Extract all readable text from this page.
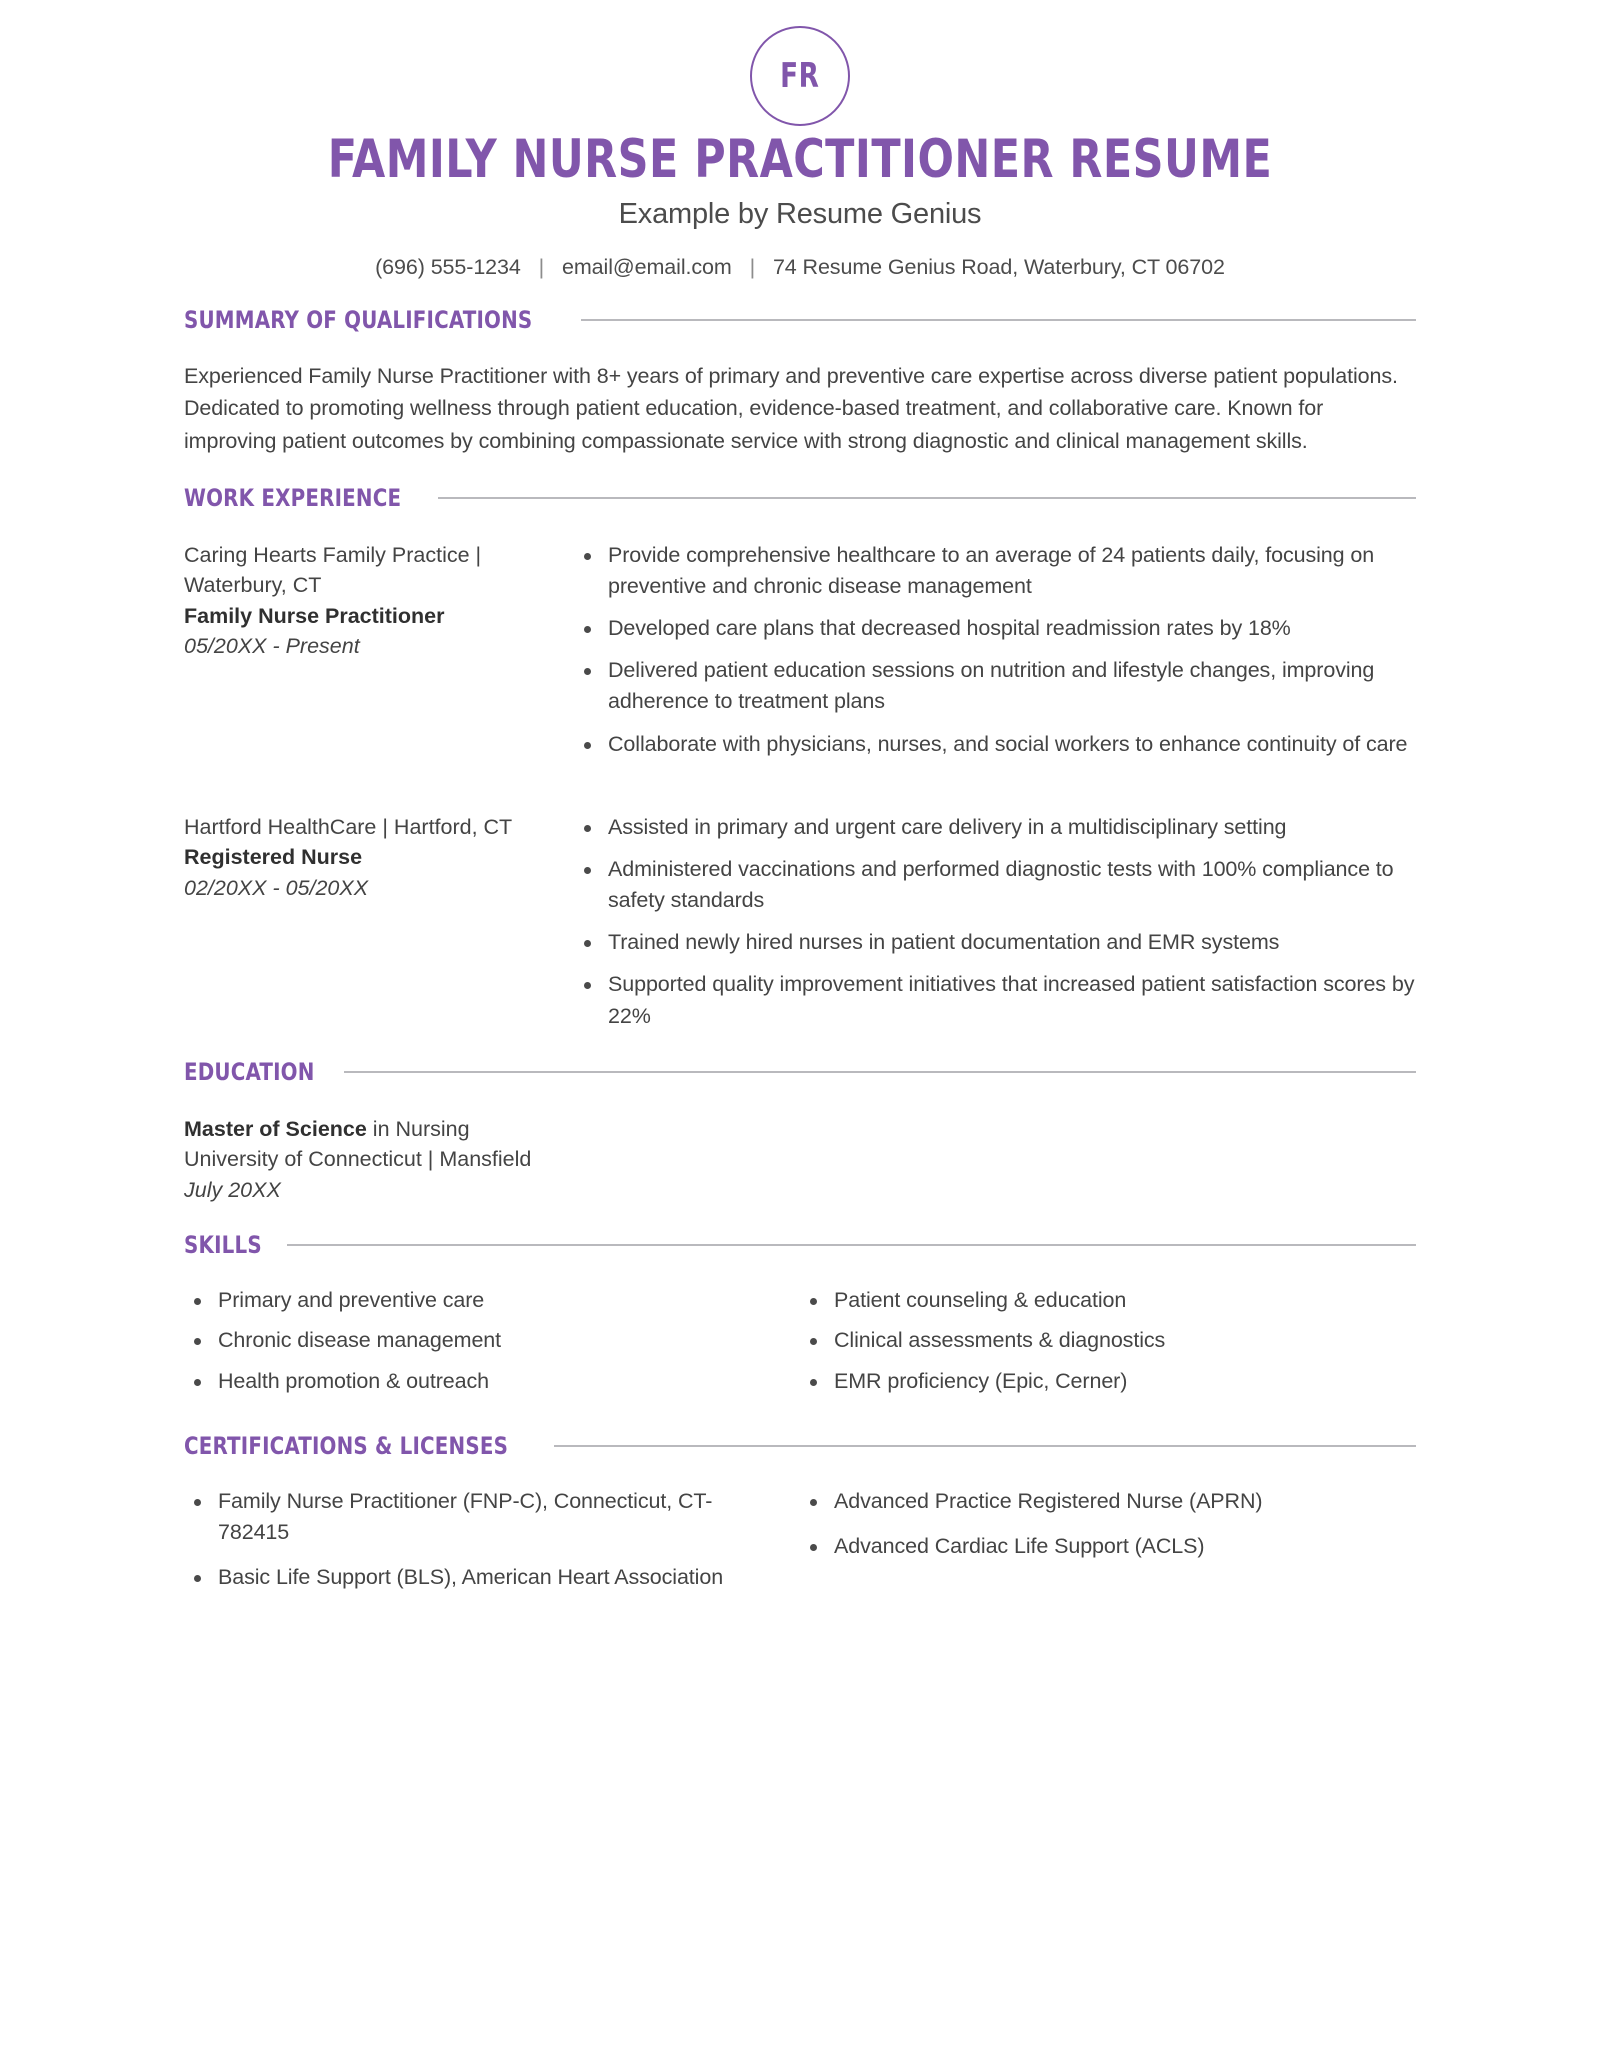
FR
FAMILY NURSE PRACTITIONER RESUME
Example by Resume Genius
(696) 555-1234 | email@email.com | 74 Resume Genius Road, Waterbury, CT 06702
SUMMARY OF QUALIFICATIONS

Experienced Family Nurse Practitioner with 8+ years of primary and preventive care expertise across diverse patient populations. Dedicated to promoting wellness through patient education, evidence-based treatment, and collaborative care. Known for improving patient outcomes by combining compassionate service with strong diagnostic and clinical management skills.

WORK EXPERIENCE
Caring Hearts Family Practice | Waterbury, CT
Family Nurse Practitioner
05/20XX - Present
Provide comprehensive healthcare to an average of 24 patients daily, focusing on preventive and chronic disease management
Developed care plans that decreased hospital readmission rates by 18%
Delivered patient education sessions on nutrition and lifestyle changes, improving adherence to treatment plans
Collaborate with physicians, nurses, and social workers to enhance continuity of care
Hartford HealthCare | Hartford, CT
Registered Nurse
02/20XX - 05/20XX
Assisted in primary and urgent care delivery in a multidisciplinary setting
Administered vaccinations and performed diagnostic tests with 100% compliance to safety standards
Trained newly hired nurses in patient documentation and EMR systems
Supported quality improvement initiatives that increased patient satisfaction scores by 22%
EDUCATION
Master of Science in Nursing
University of Connecticut | Mansfield
July 20XX
SKILLS
Primary and preventive care
Chronic disease management
Health promotion & outreach
Patient counseling & education
Clinical assessments & diagnostics
EMR proficiency (Epic, Cerner)
CERTIFICATIONS & LICENSES
Family Nurse Practitioner (FNP-C), Connecticut, CT-782415
Basic Life Support (BLS), American Heart Association
Advanced Practice Registered Nurse (APRN)
Advanced Cardiac Life Support (ACLS)
